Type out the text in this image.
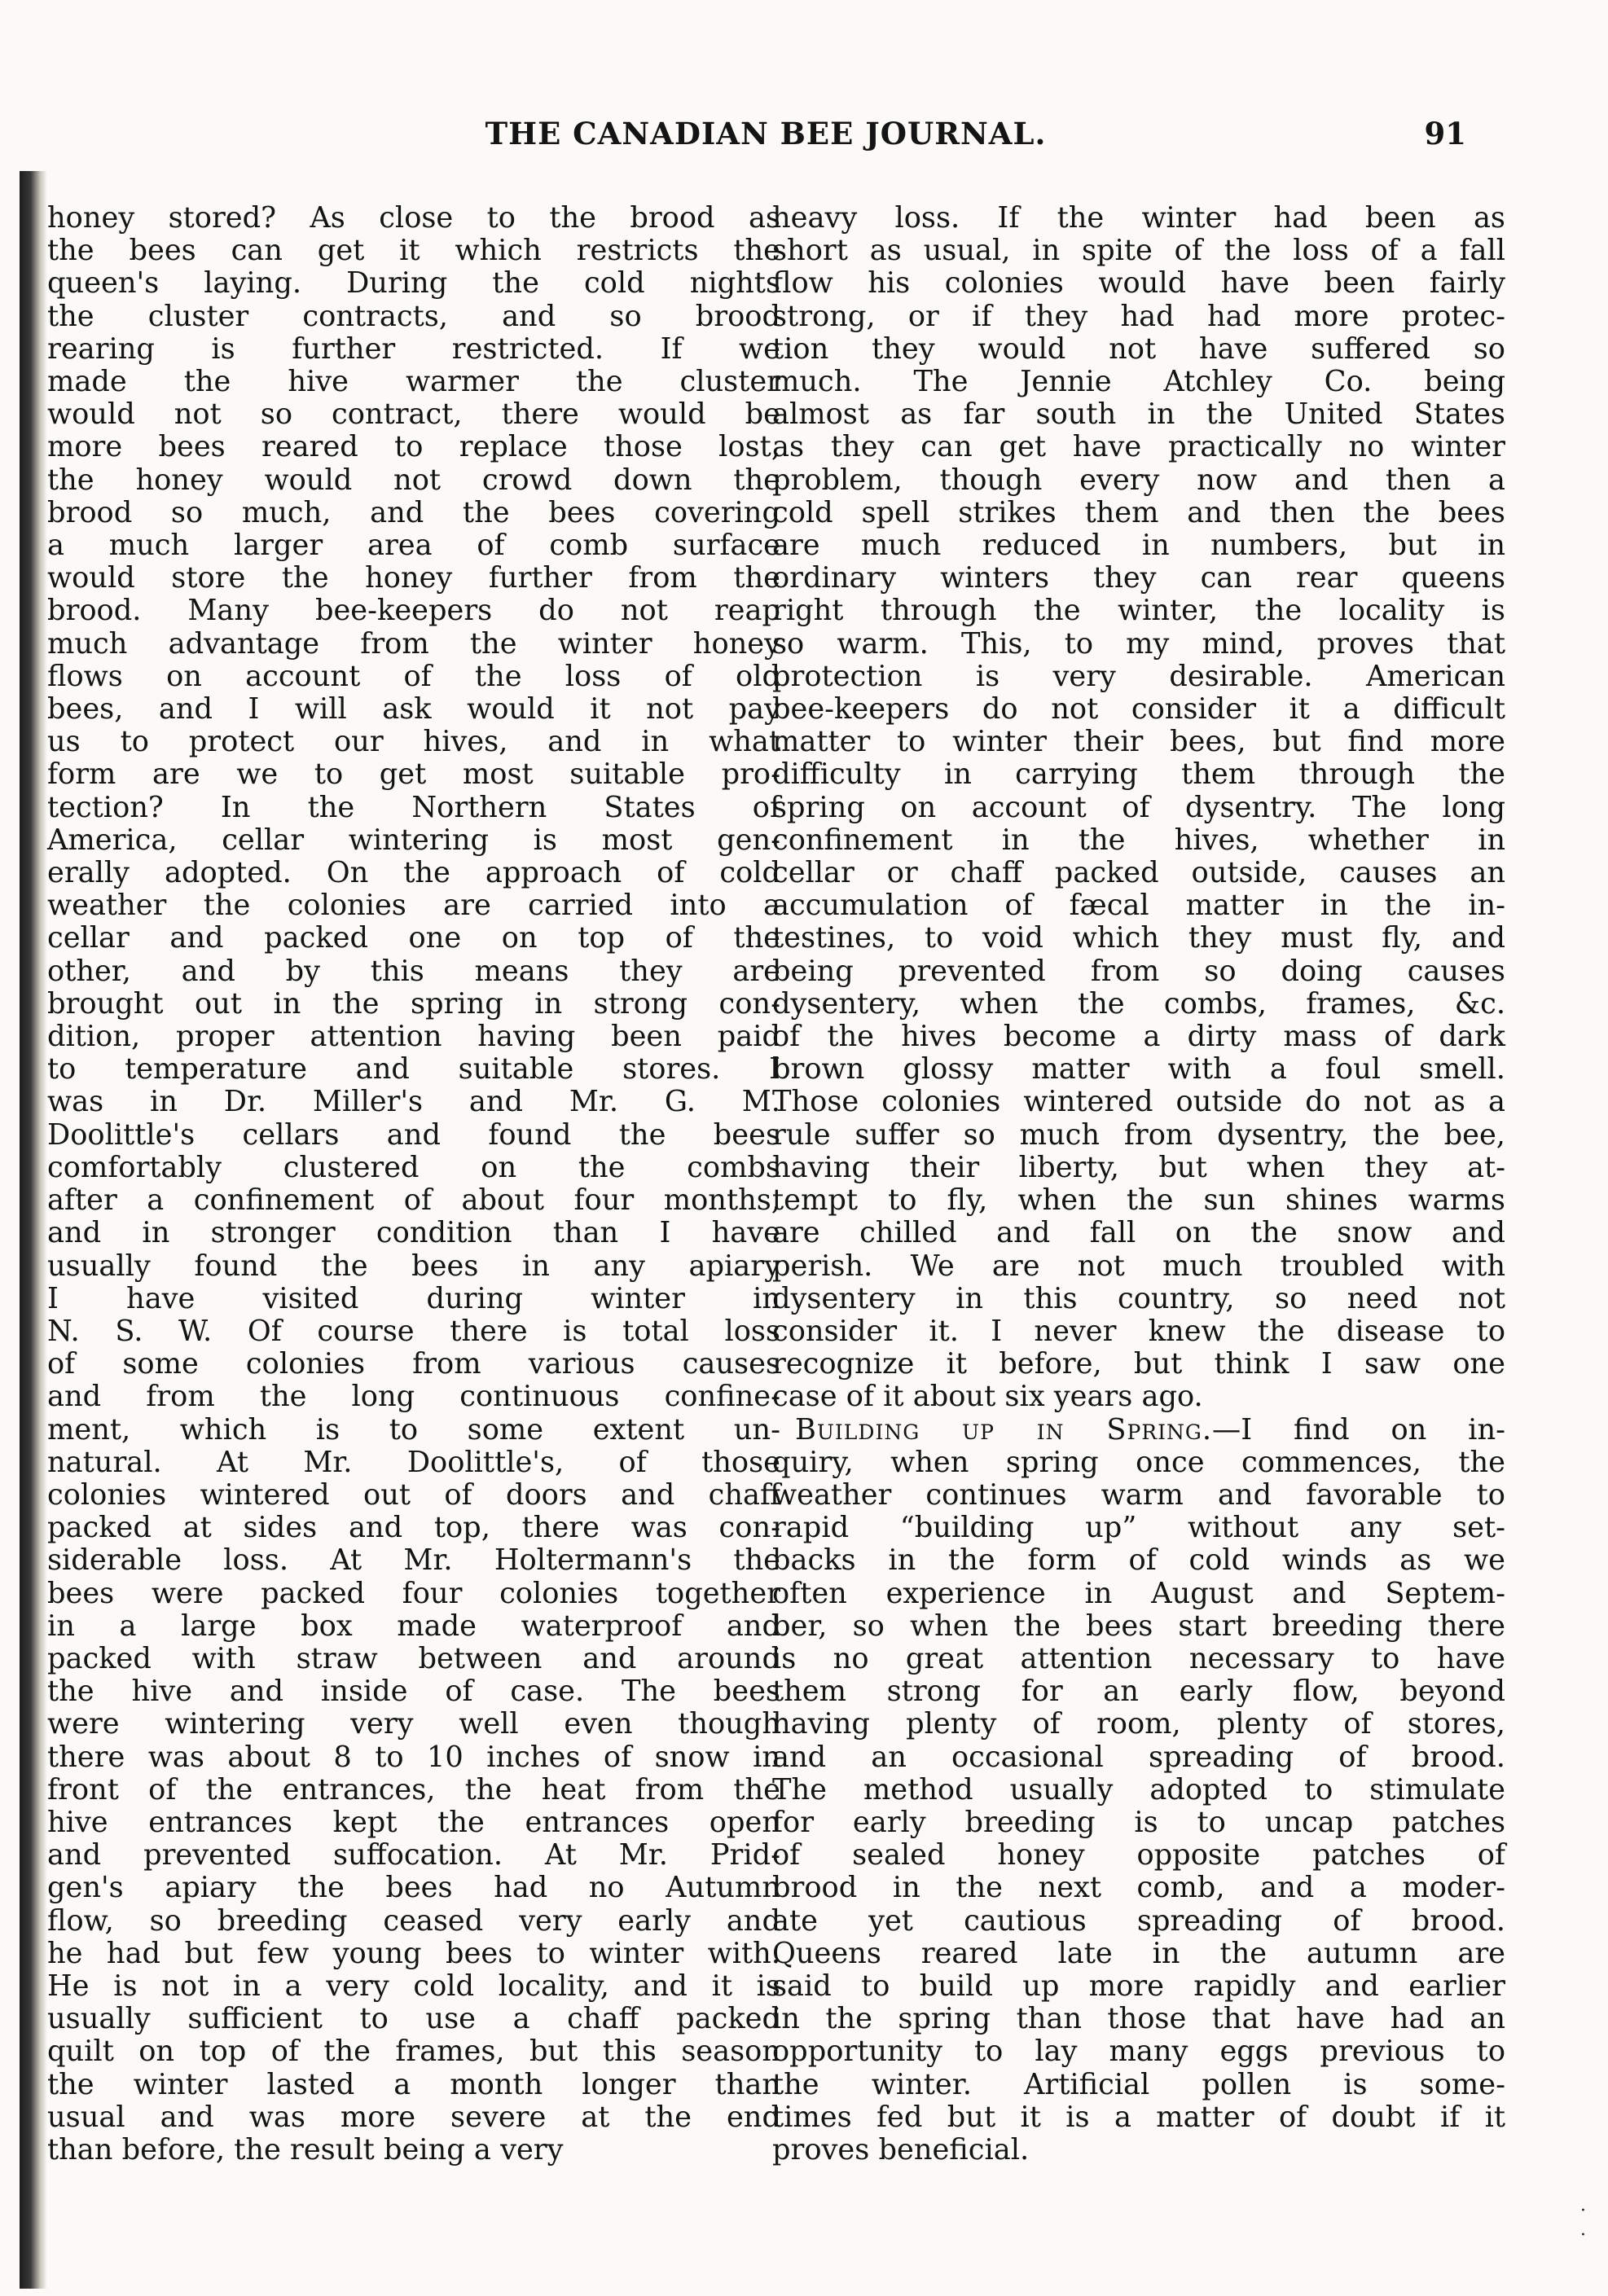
THE CANADIAN BEE JOURNAL.	91
honey stored? As close to the brood as
the bees can get it which restricts the
queen's laying. During the cold nights
the cluster contracts, and so brood
rearing is further restricted. If we
made the hive warmer the cluster
would not so contract, there would be
more bees reared to replace those lost,
the honey would not crowd down the
brood so much, and the bees covering
a much larger area of comb surface
would store the honey further from the
brood. Many bee-keepers do not reap
much advantage from the winter honey
flows on account of the loss of old
bees, and I will ask would it not pay
us to protect our hives, and in what
form are we to get most suitable pro-
tection? In the Northern States of
America, cellar wintering is most gen-
erally adopted. On the approach of cold
weather the colonies are carried into a
cellar and packed one on top of the
other, and by this means they are
brought out in the spring in strong con-
dition, proper attention having been paid
to temperature and suitable stores. I
was in Dr. Miller's and Mr. G. M.
Doolittle's cellars and found the bees
comfortably clustered on the combs
after a confinement of about four months,
and in stronger condition than I have
usually found the bees in any apiary
I have visited during winter in
N. S. W. Of course there is total loss
of some colonies from various causes
and from the long continuous confine-
ment, which is to some extent un-
natural. At Mr. Doolittle's, of those
colonies wintered out of doors and chaff
packed at sides and top, there was con-
siderable loss. At Mr. Holtermann's the
bees were packed four colonies together
in a large box made waterproof and
packed with straw between and around
the hive and inside of case. The bees
were wintering very well even though
there was about 8 to 10 inches of snow in
front of the entrances, the heat from the
hive entrances kept the entrances open
and prevented suffocation. At Mr. Prid-
gen's apiary the bees had no Autumn
flow, so breeding ceased very early and
he had but few young bees to winter with.
He is not in a very cold locality, and it is
usually sufficient to use a chaff packed
quilt on top of the frames, but this season
the winter lasted a month longer than
usual and was more severe at the end
than before, the result being a very

heavy loss. If the winter had been as
short as usual, in spite of the loss of a fall
flow his colonies would have been fairly
strong, or if they had had more protec-
tion they would not have suffered so
much. The Jennie Atchley Co. being
almost as far south in the United States
as they can get have practically no winter
problem, though every now and then a
cold spell strikes them and then the bees
are much reduced in numbers, but in
ordinary winters they can rear queens
right through the winter, the locality is
so warm. This, to my mind, proves that
protection is very desirable. American
bee-keepers do not consider it a difficult
matter to winter their bees, but find more
difficulty in carrying them through the
spring on account of dysentry. The long
confinement in the hives, whether in
cellar or chaff packed outside, causes an
accumulation of fæcal matter in the in-
testines, to void which they must fly, and
being prevented from so doing causes
dysentery, when the combs, frames, &c.
of the hives become a dirty mass of dark
brown glossy matter with a foul smell.
Those colonies wintered outside do not as a
rule suffer so much from dysentry, the bee,
having their liberty, but when they at-
tempt to fly, when the sun shines warms
are chilled and fall on the snow and
perish. We are not much troubled with
dysentery in this country, so need not
consider it. I never knew the disease to
recognize it before, but think I saw one
case of it about six years ago.

Building up in Spring.—I find on in-
quiry, when spring once commences, the
weather continues warm and favorable to
rapid “building up” without any set-
backs in the form of cold winds as we
often experience in August and Septem-
ber, so when the bees start breeding there
is no great attention necessary to have
them strong for an early flow, beyond
having plenty of room, plenty of stores,
and an occasional spreading of brood.
The method usually adopted to stimulate
for early breeding is to uncap patches
of sealed honey opposite patches of
brood in the next comb, and a moder-
ate yet cautious spreading of brood.
Queens reared late in the autumn are
said to build up more rapidly and earlier
in the spring than those that have had an
opportunity to lay many eggs previous to
the winter. Artificial pollen is some-
times fed but it is a matter of doubt if it
proves beneficial.

·
·
